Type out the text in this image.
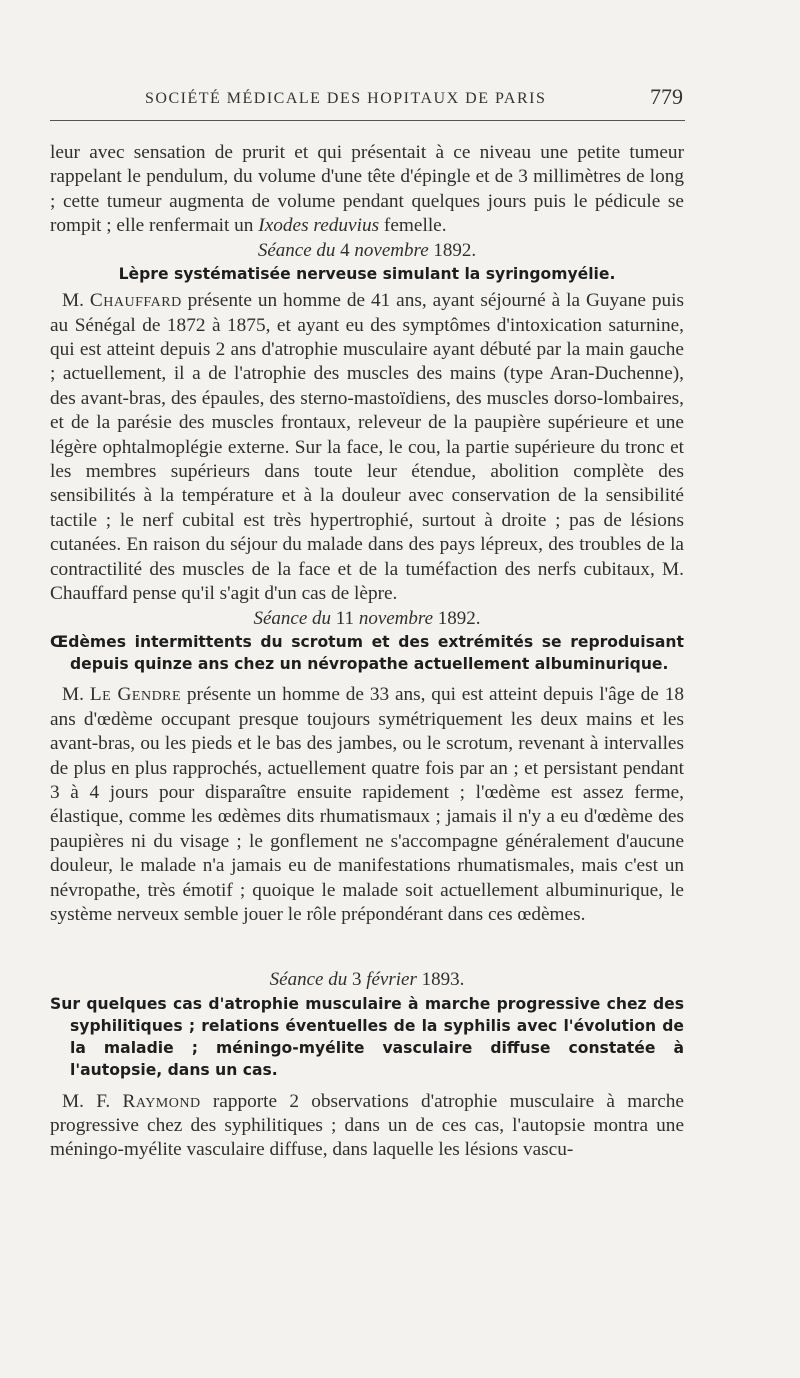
SOCIÉTÉ MÉDICALE DES HOPITAUX DE PARIS	779

leur avec sensation de prurit et qui présentait à ce niveau une petite tumeur rappelant le pendulum, du volume d'une tête d'épingle et de 3 millimètres de long ; cette tumeur augmenta de volume pendant quelques jours puis le pédicule se rompit ; elle renfermait un Ixodes reduvius femelle.

Séance du 4 novembre 1892.

Lèpre systématisée nerveuse simulant la syringomyélie.

M. Chauffard présente un homme de 41 ans, ayant séjourné à la Guyane puis au Sénégal de 1872 à 1875, et ayant eu des symptômes d'intoxication saturnine, qui est atteint depuis 2 ans d'atrophie musculaire ayant débuté par la main gauche ; actuellement, il a de l'atrophie des muscles des mains (type Aran-Duchenne), des avant-bras, des épaules, des sterno-mastoïdiens, des muscles dorso-lombaires, et de la parésie des muscles frontaux, releveur de la paupière supérieure et une légère ophtalmoplégie externe. Sur la face, le cou, la partie supérieure du tronc et les membres supérieurs dans toute leur étendue, abolition complète des sensibilités à la température et à la douleur avec conservation de la sensibilité tactile ; le nerf cubital est très hypertrophié, surtout à droite ; pas de lésions cutanées. En raison du séjour du malade dans des pays lépreux, des troubles de la contractilité des muscles de la face et de la tuméfaction des nerfs cubitaux, M. Chauffard pense qu'il s'agit d'un cas de lèpre.

Séance du 11 novembre 1892.

Œdèmes intermittents du scrotum et des extrémités se reproduisant depuis quinze ans chez un névropathe actuellement albuminurique.

M. Le Gendre présente un homme de 33 ans, qui est atteint depuis l'âge de 18 ans d'œdème occupant presque toujours symétriquement les deux mains et les avant-bras, ou les pieds et le bas des jambes, ou le scrotum, revenant à intervalles de plus en plus rapprochés, actuellement quatre fois par an ; et persistant pendant 3 à 4 jours pour disparaître ensuite rapidement ; l'œdème est assez ferme, élastique, comme les œdèmes dits rhumatismaux ; jamais il n'y a eu d'œdème des paupières ni du visage ; le gonflement ne s'accompagne généralement d'aucune douleur, le malade n'a jamais eu de manifestations rhumatismales, mais c'est un névropathe, très émotif ; quoique le malade soit actuellement albuminurique, le système nerveux semble jouer le rôle prépondérant dans ces œdèmes.

Séance du 3 février 1893.

Sur quelques cas d'atrophie musculaire à marche progressive chez des syphilitiques ; relations éventuelles de la syphilis avec l'évolution de la maladie ; méningo-myélite vasculaire diffuse constatée à l'autopsie, dans un cas.

M. F. Raymond rapporte 2 observations d'atrophie musculaire à marche progressive chez des syphilitiques ; dans un de ces cas, l'autopsie montra une méningo-myélite vasculaire diffuse, dans laquelle les lésions vascu-
